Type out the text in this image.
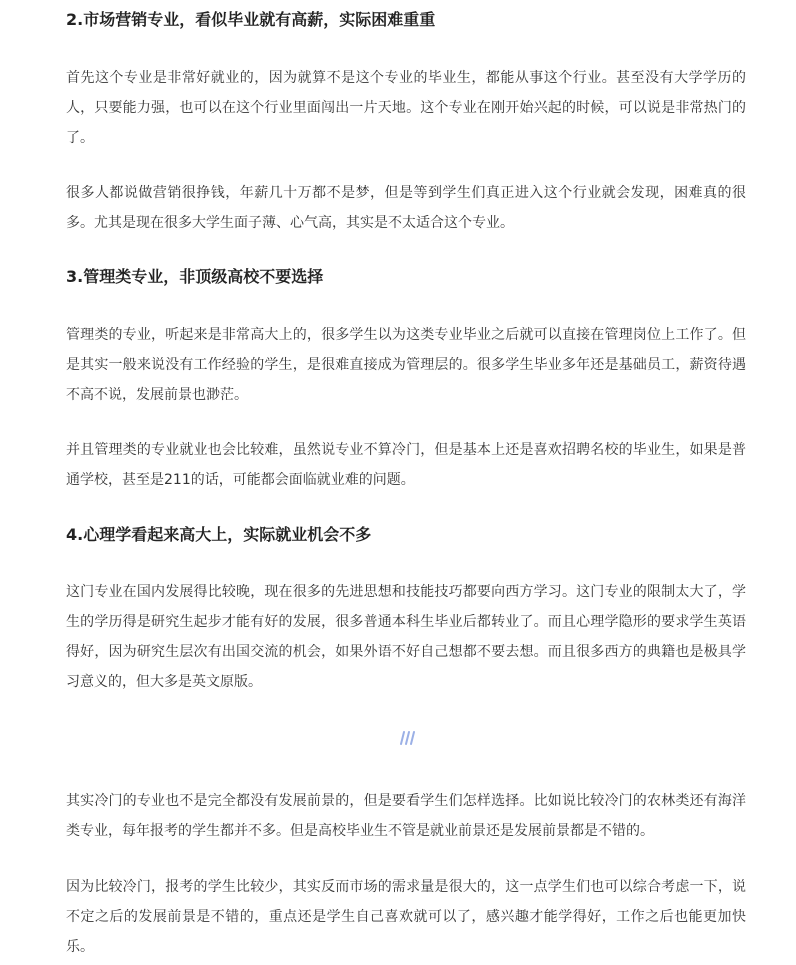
2.市场营销专业，看似毕业就有高薪，实际困难重重

首先这个专业是非常好就业的，因为就算不是这个专业的毕业生，都能从事这个行业。甚至没有大学学历的人，只要能力强，也可以在这个行业里面闯出一片天地。这个专业在刚开始兴起的时候，可以说是非常热门的了。

很多人都说做营销很挣钱，年薪几十万都不是梦，但是等到学生们真正进入这个行业就会发现，困难真的很多。尤其是现在很多大学生面子薄、心气高，其实是不太适合这个专业。

3.管理类专业，非顶级高校不要选择

管理类的专业，听起来是非常高大上的，很多学生以为这类专业毕业之后就可以直接在管理岗位上工作了。但是其实一般来说没有工作经验的学生，是很难直接成为管理层的。很多学生毕业多年还是基础员工，薪资待遇不高不说，发展前景也渺茫。

并且管理类的专业就业也会比较难，虽然说专业不算冷门，但是基本上还是喜欢招聘名校的毕业生，如果是普通学校，甚至是211的话，可能都会面临就业难的问题。

4.心理学看起来高大上，实际就业机会不多

这门专业在国内发展得比较晚，现在很多的先进思想和技能技巧都要向西方学习。这门专业的限制太大了，学生的学历得是研究生起步才能有好的发展，很多普通本科生毕业后都转业了。而且心理学隐形的要求学生英语得好，因为研究生层次有出国交流的机会，如果外语不好自己想都不要去想。而且很多西方的典籍也是极具学习意义的，但大多是英文原版。

其实冷门的专业也不是完全都没有发展前景的，但是要看学生们怎样选择。比如说比较冷门的农林类还有海洋类专业，每年报考的学生都并不多。但是高校毕业生不管是就业前景还是发展前景都是不错的。

因为比较冷门，报考的学生比较少，其实反而市场的需求量是很大的，这一点学生们也可以综合考虑一下，说不定之后的发展前景是不错的，重点还是学生自己喜欢就可以了，感兴趣才能学得好，工作之后也能更加快乐。
